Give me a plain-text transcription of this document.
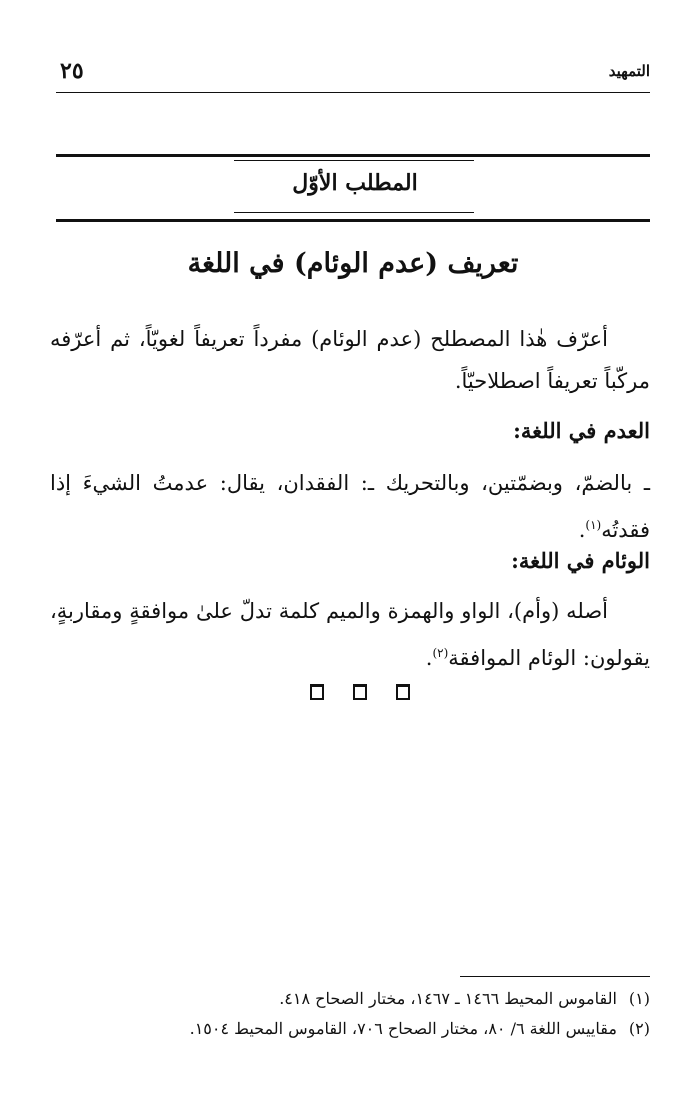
٢٥	التمهيد
المطلب الأوّل
تعريف (عدم الوئام) في اللغة
أعرّف هٰذا المصطلح (عدم الوئام) مفرداً تعريفاً لغويّاً، ثم أعرّفه مركّباً تعريفاً اصطلاحيّاً.
العدم في اللغة:
ـ بالضمّ، وبضمّتين، وبالتحريك ـ: الفقدان، يقال: عدمتُ الشيءَ إذا فقدتُه$^{(١)}$.
الوئام في اللغة:
أصله (وأم)، الواو والهمزة والميم كلمة تدلّ علىٰ موافقةٍ ومقاربةٍ، يقولون: الوئام الموافقة$^{(٢)}$.
(١)القاموس المحيط ١٤٦٦ ـ ١٤٦٧، مختار الصحاح ٤١٨.
(٢)مقاييس اللغة ٦/ ٨٠، مختار الصحاح ٧٠٦، القاموس المحيط ١٥٠٤.
